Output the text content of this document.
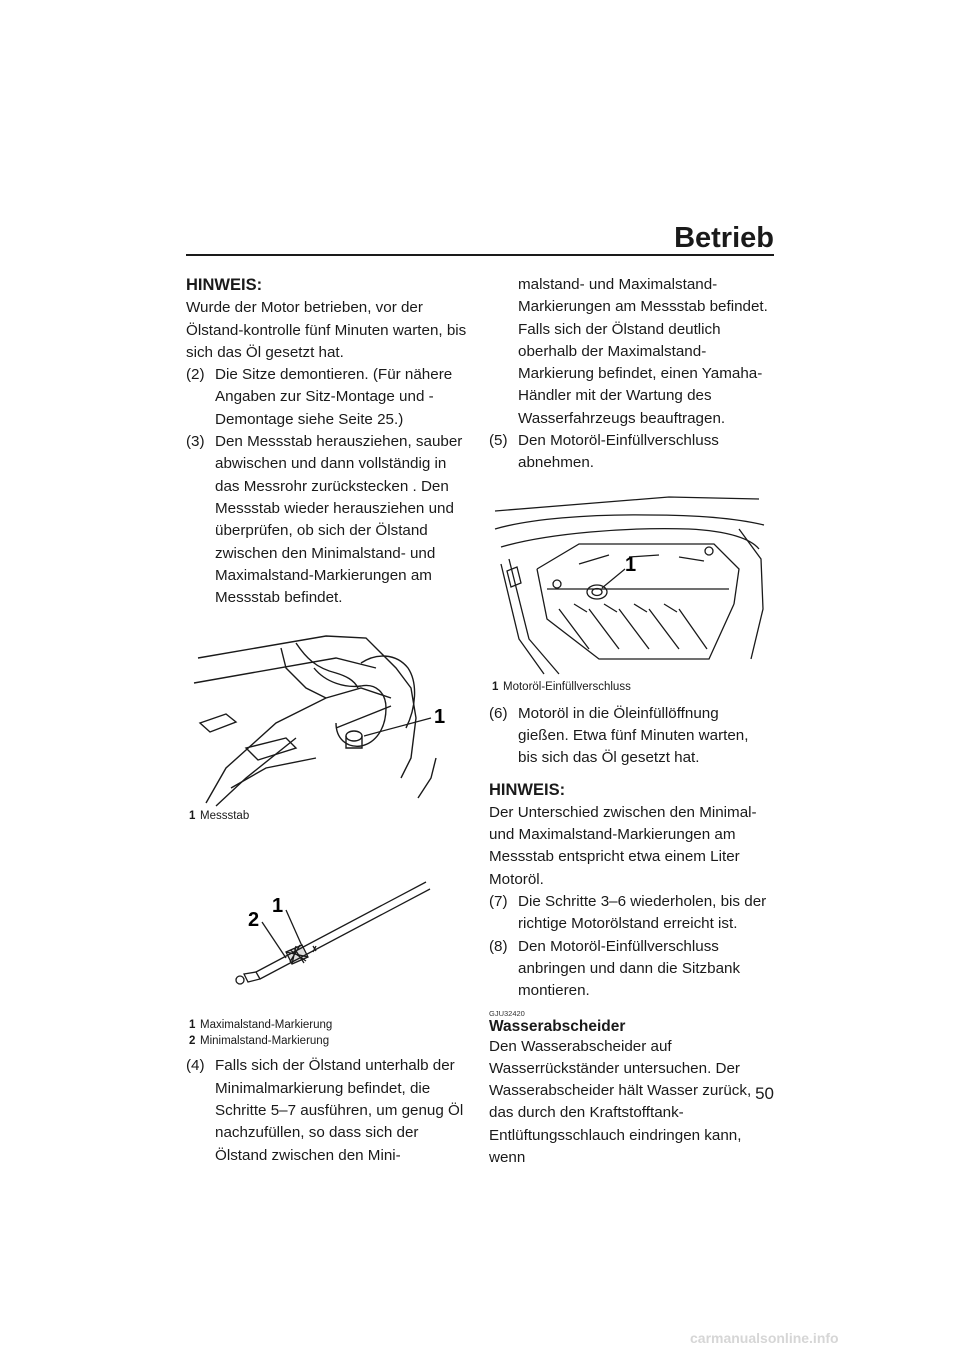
Betrieb
HINWEIS:

Wurde der Motor betrieben, vor der Ölstand-kontrolle fünf Minuten warten, bis sich das Öl gesetzt hat.

(2) Die Sitze demontieren. (Für nähere Angaben zur Sitz-Montage und -Demontage siehe Seite 25.)
(3) Den Messstab herausziehen, sauber abwischen und dann vollständig in das Messrohr zurückstecken . Den Messstab wieder herausziehen und überprüfen, ob sich der Ölstand zwischen den Minimalstand- und Maximalstand-Markierungen am Messstab befindet.
1
1 Messstab
2
1
1 Maximalstand-Markierung
2 Minimalstand-Markierung
(4) Falls sich der Ölstand unterhalb der Minimalmarkierung befindet, die Schritte 5–7 ausführen, um genug Öl nachzufüllen, so dass sich der Ölstand zwischen den Mini-

malstand- und Maximalstand-Markierungen am Messstab befindet. Falls sich der Ölstand deutlich oberhalb der Maximalstand-Markierung befindet, einen Yamaha-Händler mit der Wartung des Wasserfahrzeugs beauftragen.

(5) Den Motoröl-Einfüllverschluss abnehmen.
1
1 Motoröl-Einfüllverschluss
(6) Motoröl in die Öleinfüllöffnung gießen. Etwa fünf Minuten warten, bis sich das Öl gesetzt hat.
HINWEIS:

Der Unterschied zwischen den Minimal- und Maximalstand-Markierungen am Messstab entspricht etwa einem Liter Motoröl.

(7) Die Schritte 3–6 wiederholen, bis der richtige Motorölstand erreicht ist.
(8) Den Motoröl-Einfüllverschluss anbringen und dann die Sitzbank montieren.
GJU32420
Wasserabscheider

Den Wasserabscheider auf Wasserrückständer untersuchen. Der Wasserabscheider hält Wasser zurück, das durch den Kraftstofftank-Entlüftungsschlauch eindringen kann, wenn

50
carmanualsonline.info
